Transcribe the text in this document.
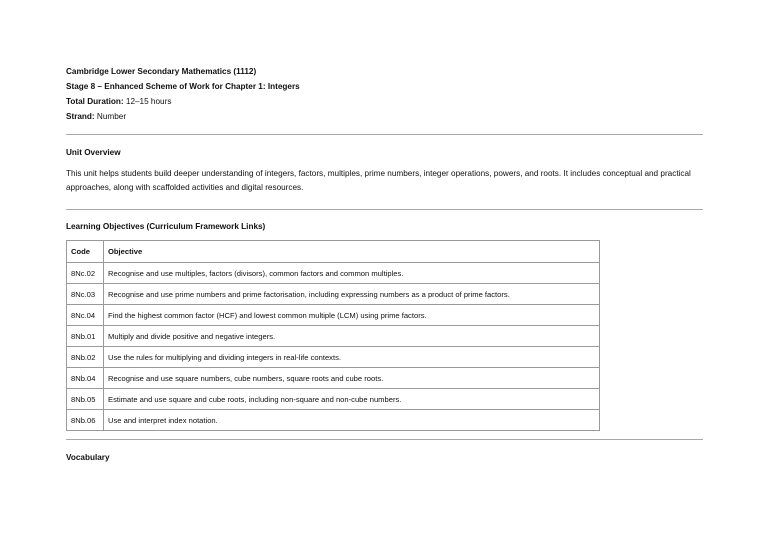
Cambridge Lower Secondary Mathematics (1112)
Stage 8 – Enhanced Scheme of Work for Chapter 1: Integers
Total Duration: 12–15 hours
Strand: Number
Unit Overview
This unit helps students build deeper understanding of integers, factors, multiples, prime numbers, integer operations, powers, and roots. It includes conceptual and practical approaches, along with scaffolded activities and digital resources.
Learning Objectives (Curriculum Framework Links)
Code	Objective
8Nc.02	Recognise and use multiples, factors (divisors), common factors and common multiples.
8Nc.03	Recognise and use prime numbers and prime factorisation, including expressing numbers as a product of prime factors.
8Nc.04	Find the highest common factor (HCF) and lowest common multiple (LCM) using prime factors.
8Nb.01	Multiply and divide positive and negative integers.
8Nb.02	Use the rules for multiplying and dividing integers in real-life contexts.
8Nb.04	Recognise and use square numbers, cube numbers, square roots and cube roots.
8Nb.05	Estimate and use square and cube roots, including non-square and non-cube numbers.
8Nb.06	Use and interpret index notation.
Vocabulary
